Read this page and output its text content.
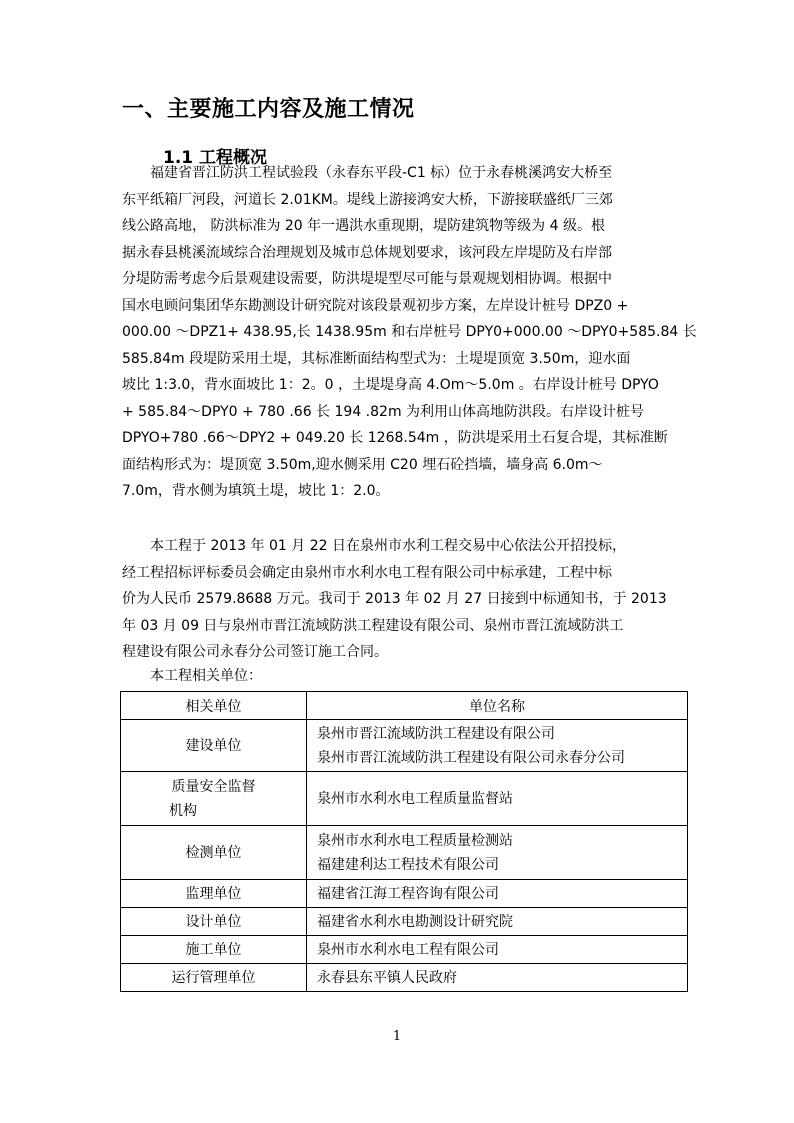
一、主要施工内容及施工情况
1.1 工程概况
福建省晋江防洪工程试验段（永春东平段-C1 标）位于永春桃溪鸿安大桥至
东平纸箱厂河段，河道长 2.01KM。堤线上游接鸿安大桥，下游接联盛纸厂三郊
线公路高地， 防洪标准为 20 年一遇洪水重现期，堤防建筑物等级为 4 级。根
据永春县桃溪流域综合治理规划及城市总体规划要求，该河段左岸堤防及右岸部
分堤防需考虑今后景观建设需要，防洪堤堤型尽可能与景观规划相协调。根据中
国水电顾问集团华东勘测设计研究院对该段景观初步方案，左岸设计桩号 DPZ0 +
000.00 ～DPZ1+ 438.95,长 1438.95m 和右岸桩号 DPY0+000.00 ～DPY0+585.84 长
585.84m 段堤防采用土堤，其标准断面结构型式为：土堤堤顶宽 3.50m，迎水面
坡比 1:3.0，背水面坡比 1：2。0 ，土堤堤身高 4.Om～5.0m 。右岸设计桩号 DPYO
+ 585.84～DPY0 + 780 .66 长 194 .82m 为利用山体高地防洪段。右岸设计桩号
DPYO+780 .66～DPY2 + 049.20 长 1268.54m ，防洪堤采用土石复合堤，其标准断
面结构形式为：堤顶宽 3.50m,迎水侧采用 C20 埋石砼挡墙，墙身高 6.0m～
7.0m，背水侧为填筑土堤，坡比 1：2.0。
本工程于 2013 年 01 月 22 日在泉州市水利工程交易中心依法公开招投标，
经工程招标评标委员会确定由泉州市水利水电工程有限公司中标承建，工程中标
价为人民币 2579.8688 万元。我司于 2013 年 02 月 27 日接到中标通知书，于 2013
年 03 月 09 日与泉州市晋江流域防洪工程建设有限公司、泉州市晋江流域防洪工
程建设有限公司永春分公司签订施工合同。
本工程相关单位：
相关单位	单位名称

建设单位	泉州市晋江流域防洪工程建设有限公司
泉州市晋江流域防洪工程建设有限公司永春分公司

质量安全监督
机构	泉州市水利水电工程质量监督站

检测单位	泉州市水利水电工程质量检测站
福建建利达工程技术有限公司

监理单位	福建省江海工程咨询有限公司

设计单位	福建省水利水电勘测设计研究院

施工单位	泉州市水利水电工程有限公司

运行管理单位	永春县东平镇人民政府
1
